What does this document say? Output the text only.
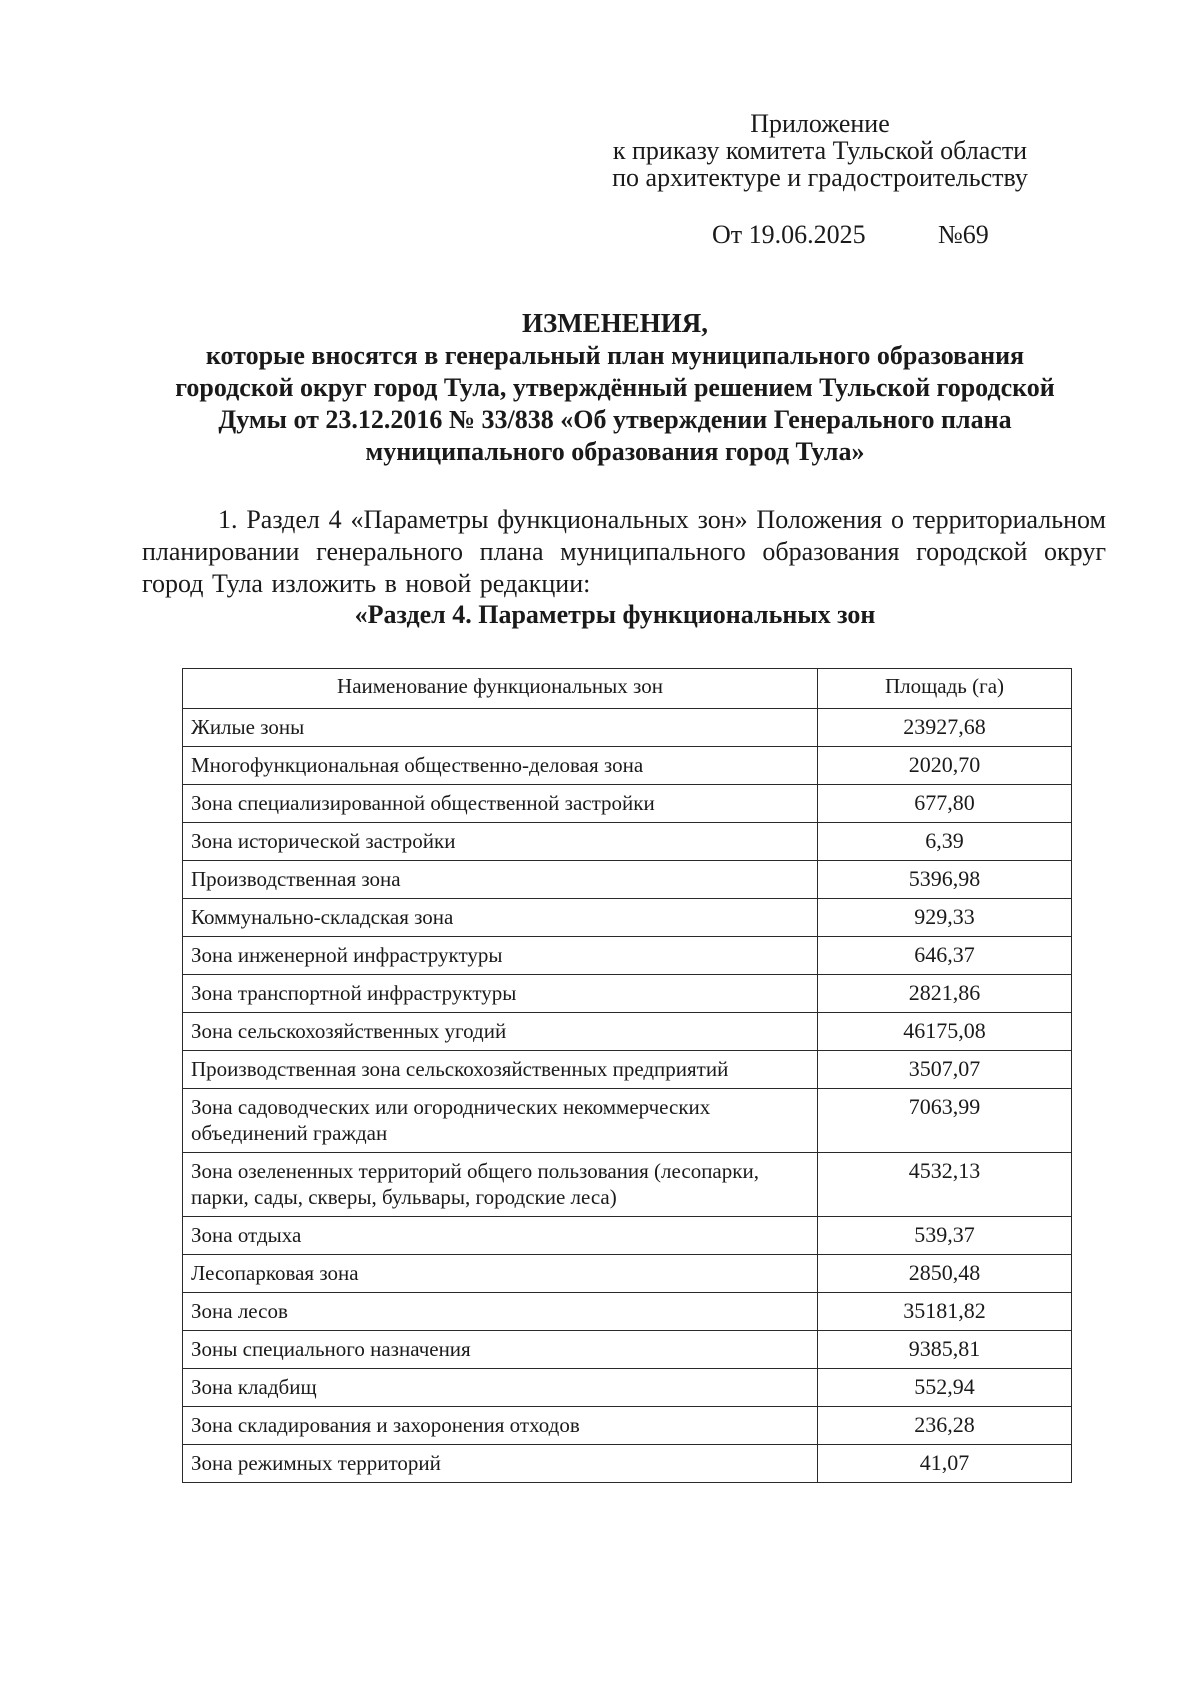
Приложение
к приказу комитета Тульской области
по архитектуре и градостроительству
От 19.06.2025	№69
ИЗМЕНЕНИЯ,
которые вносятся в генеральный план муниципального образования
городской округ город Тула, утверждённый решением Тульской городской
Думы от 23.12.2016 № 33/838 «Об утверждении Генерального плана
муниципального образования город Тула»
1. Раздел 4 «Параметры функциональных зон» Положения о территориальном планировании генерального плана муниципального образования городской округ город Тула изложить в новой редакции:
«Раздел 4. Параметры функциональных зон
Наименование функциональных зон	Площадь (га)
Жилые зоны	23927,68
Многофункциональная общественно-деловая зона	2020,70
Зона специализированной общественной застройки	677,80
Зона исторической застройки	6,39
Производственная зона	5396,98
Коммунально-складская зона	929,33
Зона инженерной инфраструктуры	646,37
Зона транспортной инфраструктуры	2821,86
Зона сельскохозяйственных угодий	46175,08
Производственная зона сельскохозяйственных предприятий	3507,07
Зона садоводческих или огороднических некоммерческих объединений граждан	7063,99
Зона озелененных территорий общего пользования (лесопарки, парки, сады, скверы, бульвары, городские леса)	4532,13
Зона отдыха	539,37
Лесопарковая зона	2850,48
Зона лесов	35181,82
Зоны специального назначения	9385,81
Зона кладбищ	552,94
Зона складирования и захоронения отходов	236,28
Зона режимных территорий	41,07
